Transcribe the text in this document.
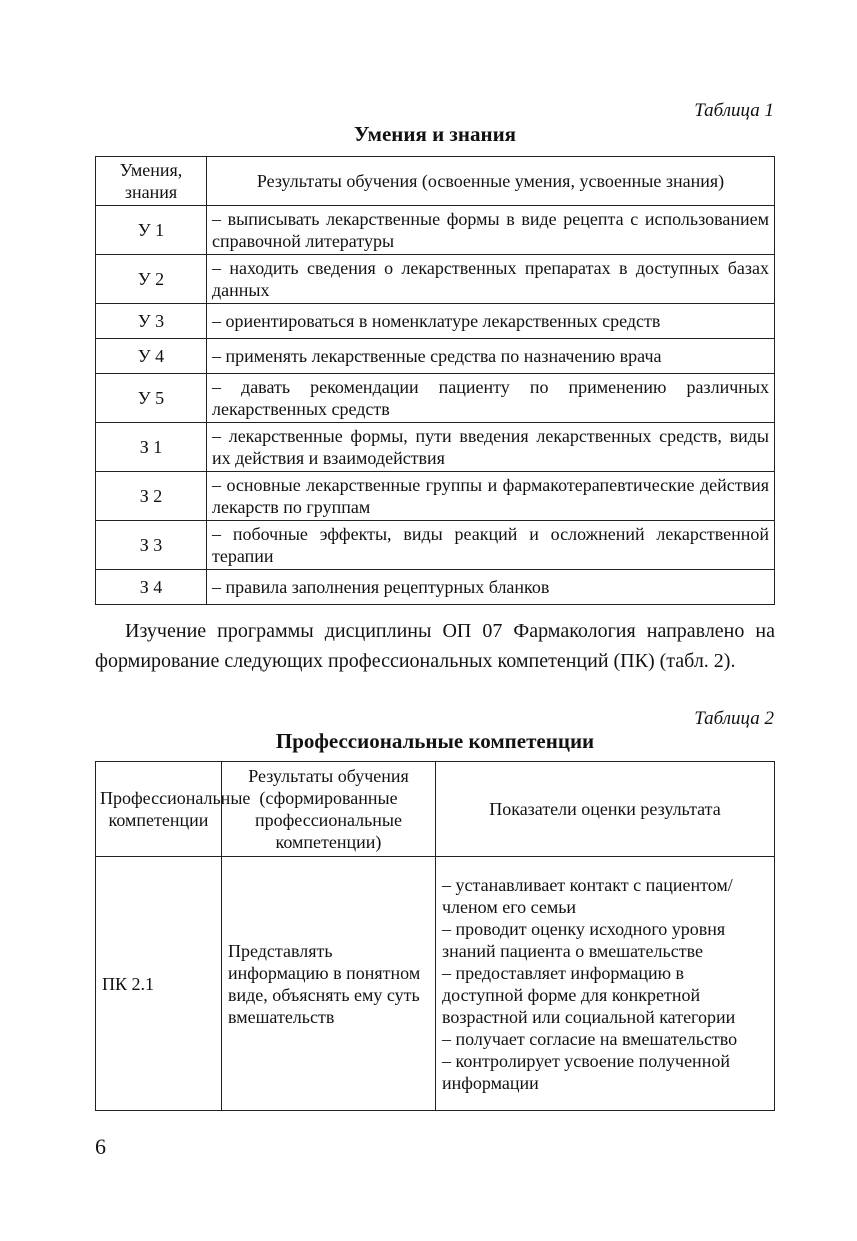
Таблица 1
Умения и знания
Умения, знания	Результаты обучения (освоенные умения, усвоенные знания)
У 1	– выписывать лекарственные формы в виде рецепта с использованием справочной литературы
У 2	– находить сведения о лекарственных препаратах в доступных базах данных
У 3	– ориентироваться в номенклатуре лекарственных средств
У 4	– применять лекарственные средства по назначению врача
У 5	– давать рекомендации пациенту по применению различных лекарственных средств
З 1	– лекарственные формы, пути введения лекарственных средств, виды их действия и взаимодействия
З 2	– основные лекарственные группы и фармакотерапевтические действия лекарств по группам
З 3	– побочные эффекты, виды реакций и осложнений лекарственной терапии
З 4	– правила заполнения рецептурных бланков
Изучение программы дисциплины ОП 07 Фармакология направлено на формирование следующих профессиональных компетенций (ПК) (табл. 2).
Таблица 2
Профессиональные компетенции
Профессиональные компетенции	Результаты обучения (сформированные профессиональные компетенции)	Показатели оценки результата
ПК 2.1	Представлять информацию в понятном виде, объяснять ему суть вмешательств	– устанавливает контакт с пациентом/членом его семьи
– проводит оценку исходного уровня знаний пациента о вмешательстве
– предоставляет информацию в доступной форме для конкретной возрастной или социальной категории
– получает согласие на вмешательство
– контролирует усвоение полученной информации
6
